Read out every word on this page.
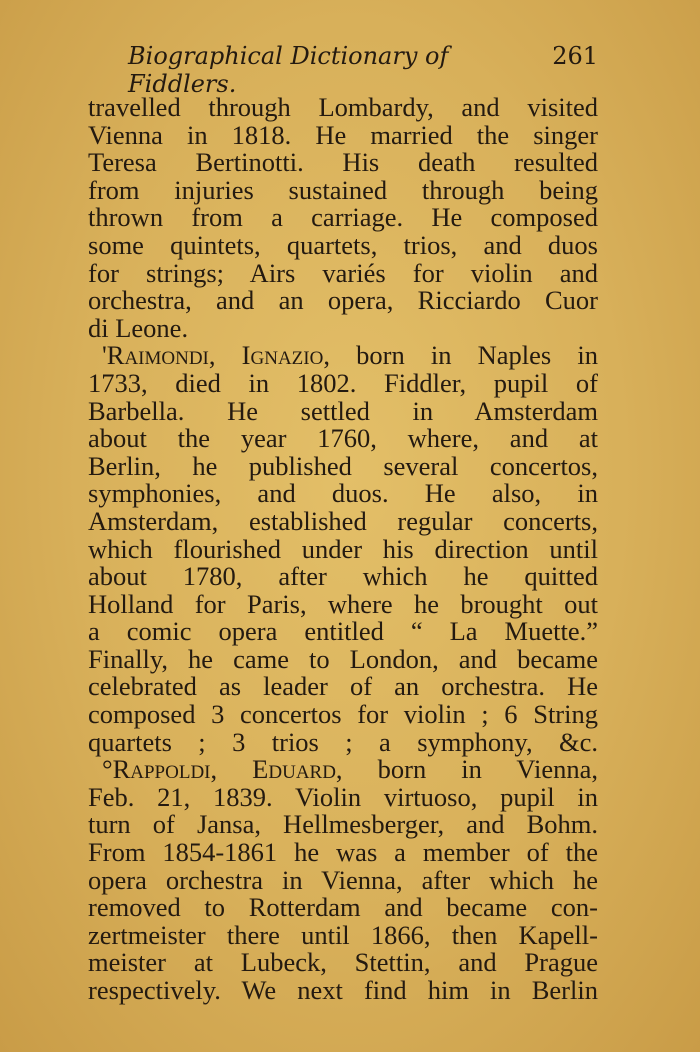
Biographical Dictionary of Fiddlers.
261
travelled through Lombardy, and visited
Vienna in 1818. He married the singer
Teresa Bertinotti. His death resulted
from injuries sustained through being
thrown from a carriage. He composed
some quintets, quartets, trios, and duos
for strings; Airs variés for violin and
orchestra, and an opera, Ricciardo Cuor
di Leone.
'Raimondi, Ignazio, born in Naples in
1733, died in 1802. Fiddler, pupil of
Barbella. He settled in Amsterdam
about the year 1760, where, and at
Berlin, he published several concertos,
symphonies, and duos. He also, in
Amsterdam, established regular concerts,
which flourished under his direction until
about 1780, after which he quitted
Holland for Paris, where he brought out
a comic opera entitled “ La Muette.”
Finally, he came to London, and became
celebrated as leader of an orchestra. He
composed 3 concertos for violin ; 6 String
quartets ; 3 trios ; a symphony, &c.
°Rappoldi, Eduard, born in Vienna,
Feb. 21, 1839. Violin virtuoso, pupil in
turn of Jansa, Hellmesberger, and Bohm.
From 1854-1861 he was a member of the
opera orchestra in Vienna, after which he
removed to Rotterdam and became con-
zertmeister there until 1866, then Kapell-
meister at Lubeck, Stettin, and Prague
respectively. We next find him in Berlin
